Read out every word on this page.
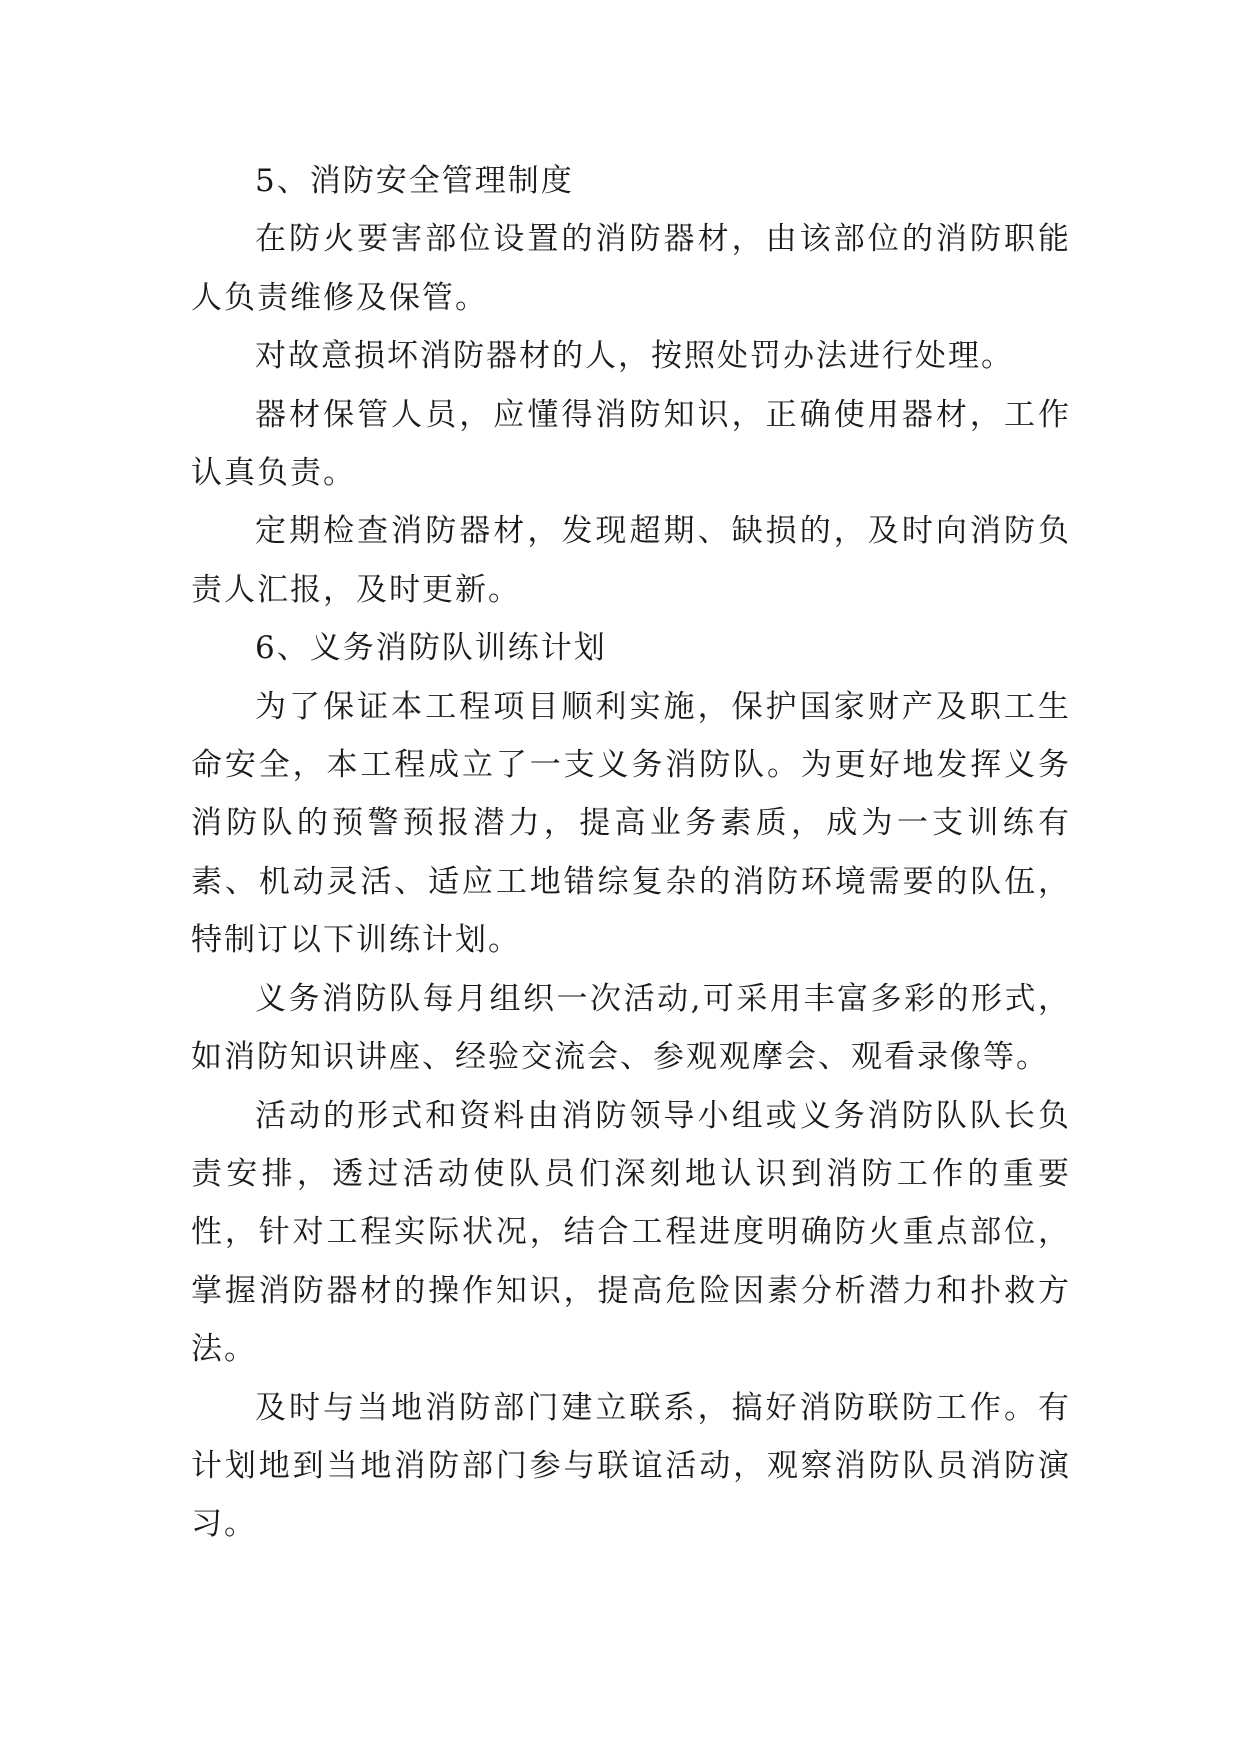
5、消防安全管理制度

在防火要害部位设置的消防器材，由该部位的消防职能人负责维修及保管。

对故意损坏消防器材的人，按照处罚办法进行处理。

器材保管人员，应懂得消防知识，正确使用器材，工作认真负责。

定期检查消防器材，发现超期、缺损的，及时向消防负责人汇报，及时更新。

6、义务消防队训练计划

为了保证本工程项目顺利实施，保护国家财产及职工生命安全，本工程成立了一支义务消防队。为更好地发挥义务消防队的预警预报潜力，提高业务素质，成为一支训练有素、机动灵活、适应工地错综复杂的消防环境需要的队伍，特制订以下训练计划。

义务消防队每月组织一次活动,可采用丰富多彩的形式，如消防知识讲座、经验交流会、参观观摩会、观看录像等。

活动的形式和资料由消防领导小组或义务消防队队长负责安排，透过活动使队员们深刻地认识到消防工作的重要性，针对工程实际状况，结合工程进度明确防火重点部位，掌握消防器材的操作知识，提高危险因素分析潜力和扑救方法。

及时与当地消防部门建立联系，搞好消防联防工作。有计划地到当地消防部门参与联谊活动，观察消防队员消防演习。
